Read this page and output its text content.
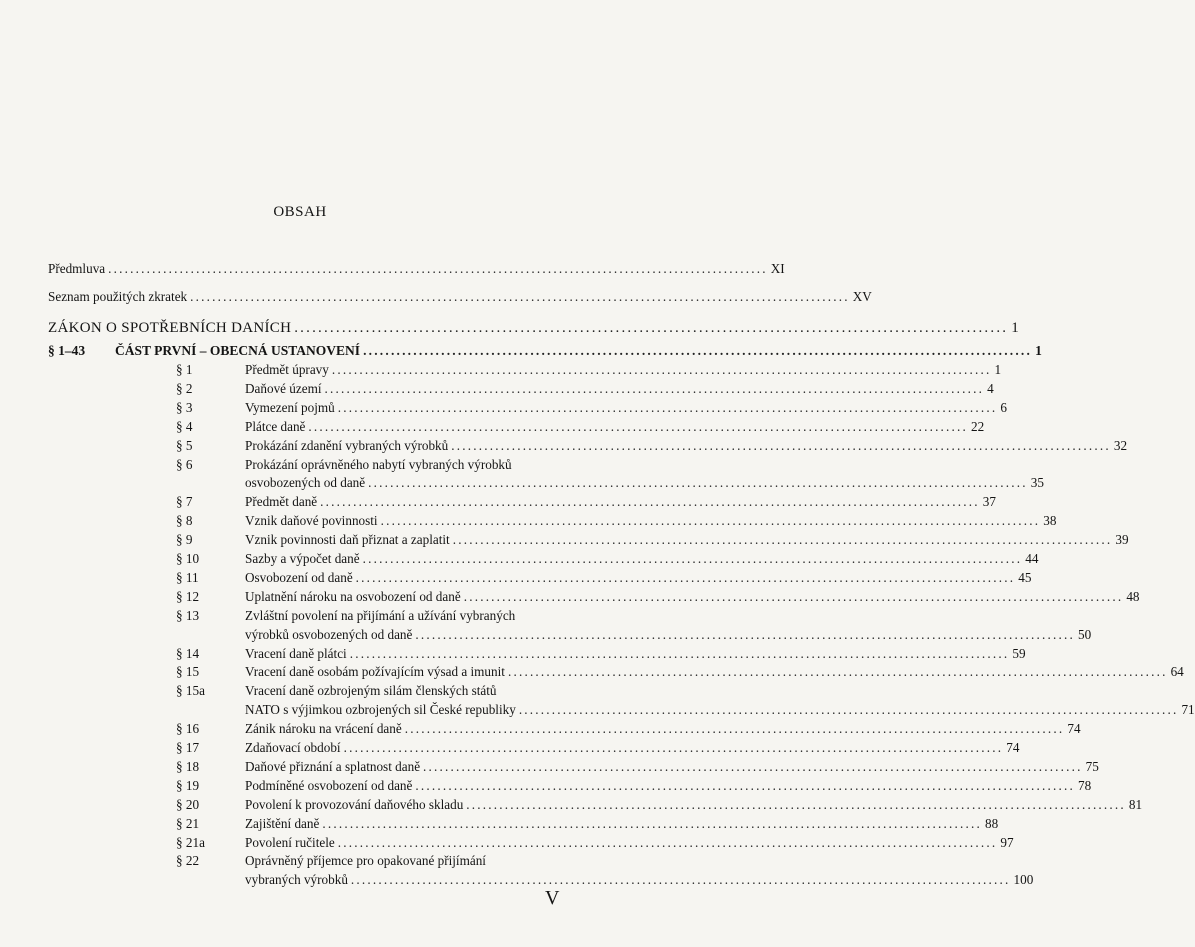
OBSAH
Předmluva ........................................................................................................................ XI
Seznam použitých zkratek ........................................................................................................................ XV
ZÁKON O SPOTŘEBNÍCH DANÍCH ........................................................................................................................ 1
§ 1–43 ČÁST PRVNÍ – OBECNÁ USTANOVENÍ ........................................................................................................................ 1
§ 1	Předmět úpravy ........................................................................................................................ 1
§ 2	Daňové území ........................................................................................................................ 4
§ 3	Vymezení pojmů ........................................................................................................................ 6
§ 4	Plátce daně ........................................................................................................................ 22
§ 5	Prokázání zdanění vybraných výrobků ........................................................................................................................ 32
§ 6	Prokázání oprávněného nabytí vybraných výrobků
osvobozených od daně ........................................................................................................................ 35
§ 7	Předmět daně ........................................................................................................................ 37
§ 8	Vznik daňové povinnosti ........................................................................................................................ 38
§ 9	Vznik povinnosti daň přiznat a zaplatit ........................................................................................................................ 39
§ 10	Sazby a výpočet daně ........................................................................................................................ 44
§ 11	Osvobození od daně ........................................................................................................................ 45
§ 12	Uplatnění nároku na osvobození od daně ........................................................................................................................ 48
§ 13	Zvláštní povolení na přijímání a užívání vybraných
výrobků osvobozených od daně ........................................................................................................................ 50
§ 14	Vracení daně plátci ........................................................................................................................ 59
§ 15	Vracení daně osobám požívajícím výsad a imunit ........................................................................................................................ 64
§ 15a	Vracení daně ozbrojeným silám členských států
NATO s výjimkou ozbrojených sil České republiky ........................................................................................................................ 71
§ 16	Zánik nároku na vrácení daně ........................................................................................................................ 74
§ 17	Zdaňovací období ........................................................................................................................ 74
§ 18	Daňové přiznání a splatnost daně ........................................................................................................................ 75
§ 19	Podmíněné osvobození od daně ........................................................................................................................ 78
§ 20	Povolení k provozování daňového skladu ........................................................................................................................ 81
§ 21	Zajištění daně ........................................................................................................................ 88
§ 21a	Povolení ručitele ........................................................................................................................ 97
§ 22	Oprávněný příjemce pro opakované přijímání
vybraných výrobků ........................................................................................................................ 100
V
